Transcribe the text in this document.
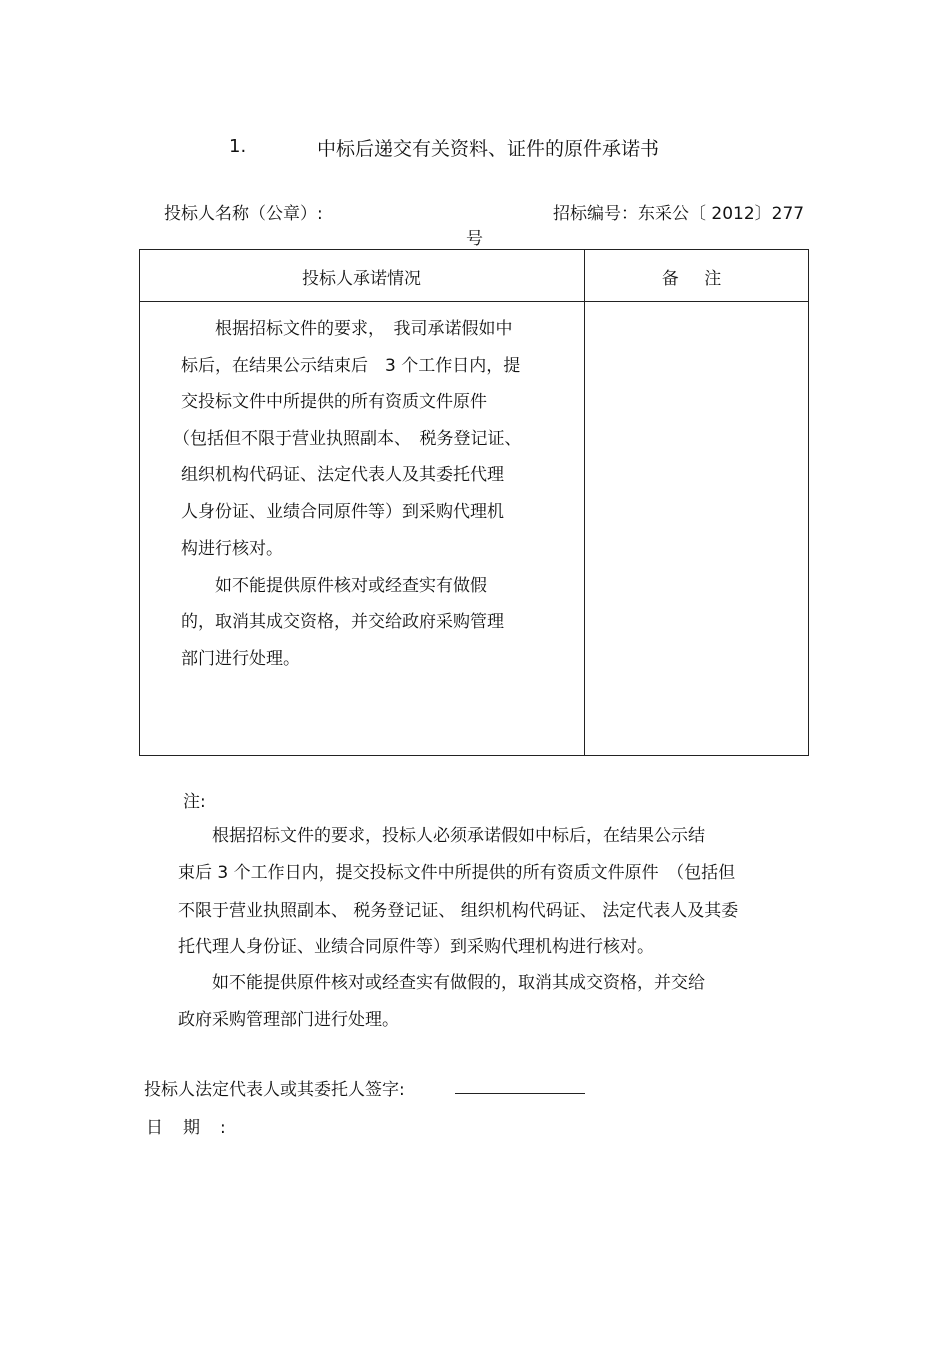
1.	中标后递交有关资料、证件的原件承诺书
投标人名称（公章）:	招标编号：东采公〔 2012〕277
号
投标人承诺情况	备 注
　　根据招标文件的要求，　我司承诺假如中
标后，在结果公示结束后　3 个工作日内，提
交投标文件中所提供的所有资质文件原件
（包括但不限于营业执照副本、　税务登记证、
组织机构代码证、法定代表人及其委托代理
人身份证、业绩合同原件等）到采购代理机
构进行核对。
　　如不能提供原件核对或经查实有做假
的，取消其成交资格，并交给政府采购管理
部门进行处理。
注:
　　根据招标文件的要求，投标人必须承诺假如中标后，在结果公示结
束后 3 个工作日内，提交投标文件中所提供的所有资质文件原件　（包括但
不限于营业执照副本、 税务登记证、 组织机构代码证、 法定代表人及其委
托代理人身份证、业绩合同原件等）到采购代理机构进行核对。
　　如不能提供原件核对或经查实有做假的，取消其成交资格，并交给
政府采购管理部门进行处理。
投标人法定代表人或其委托人签字:
日期:
